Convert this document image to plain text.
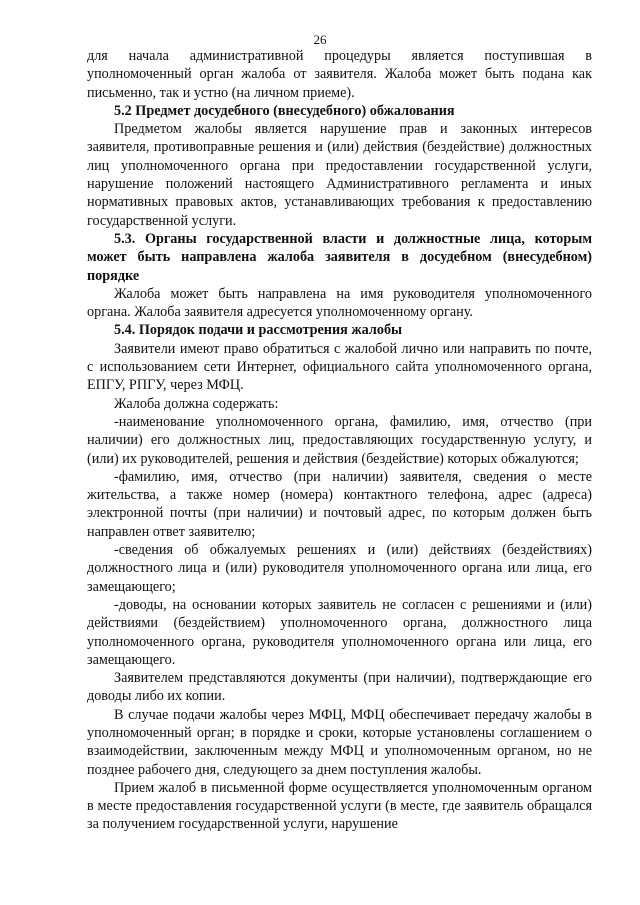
26

для начала административной процедуры является поступившая в уполномоченный орган жалоба от заявителя. Жалоба может быть подана как письменно, так и устно (на личном приеме).

5.2 Предмет досудебного (внесудебного) обжалования

Предметом жалобы является нарушение прав и законных интересов заявителя, противоправные решения и (или) действия (бездействие) должностных лиц уполномоченного органа при предоставлении государственной услуги, нарушение положений настоящего Административного регламента и иных нормативных правовых актов, устанавливающих требования к предоставлению государственной услуги.

5.3. Органы государственной власти и должностные лица, которым может быть направлена жалоба заявителя в досудебном (внесудебном) порядке

Жалоба может быть направлена на имя руководителя уполномоченного органа. Жалоба заявителя адресуется уполномоченному органу.

5.4. Порядок подачи и рассмотрения жалобы

Заявители имеют право обратиться с жалобой лично или направить по почте, с использованием сети Интернет, официального сайта уполномоченного органа, ЕПГУ, РПГУ, через МФЦ.

Жалоба должна содержать:

-наименование уполномоченного органа, фамилию, имя, отчество (при наличии) его должностных лиц, предоставляющих государственную услугу, и (или) их руководителей, решения и действия (бездействие) которых обжалуются;

-фамилию, имя, отчество (при наличии) заявителя, сведения о месте жительства, а также номер (номера) контактного телефона, адрес (адреса) электронной почты (при наличии) и почтовый адрес, по которым должен быть направлен ответ заявителю;

-сведения об обжалуемых решениях и (или) действиях (бездействиях) должностного лица и (или) руководителя уполномоченного органа или лица, его замещающего;

-доводы, на основании которых заявитель не согласен с решениями и (или) действиями (бездействием) уполномоченного органа, должностного лица уполномоченного органа, руководителя уполномоченного органа или лица, его замещающего.

Заявителем представляются документы (при наличии), подтверждающие его доводы либо их копии.

В случае подачи жалобы через МФЦ, МФЦ обеспечивает передачу жалобы в уполномоченный орган; в порядке и сроки, которые установлены соглашением о взаимодействии, заключенным между МФЦ и уполномоченным органом, но не позднее рабочего дня, следующего за днем поступления жалобы.

Прием жалоб в письменной форме осуществляется уполномоченным органом в месте предоставления государственной услуги (в месте, где заявитель обращался за получением государственной услуги, нарушение
